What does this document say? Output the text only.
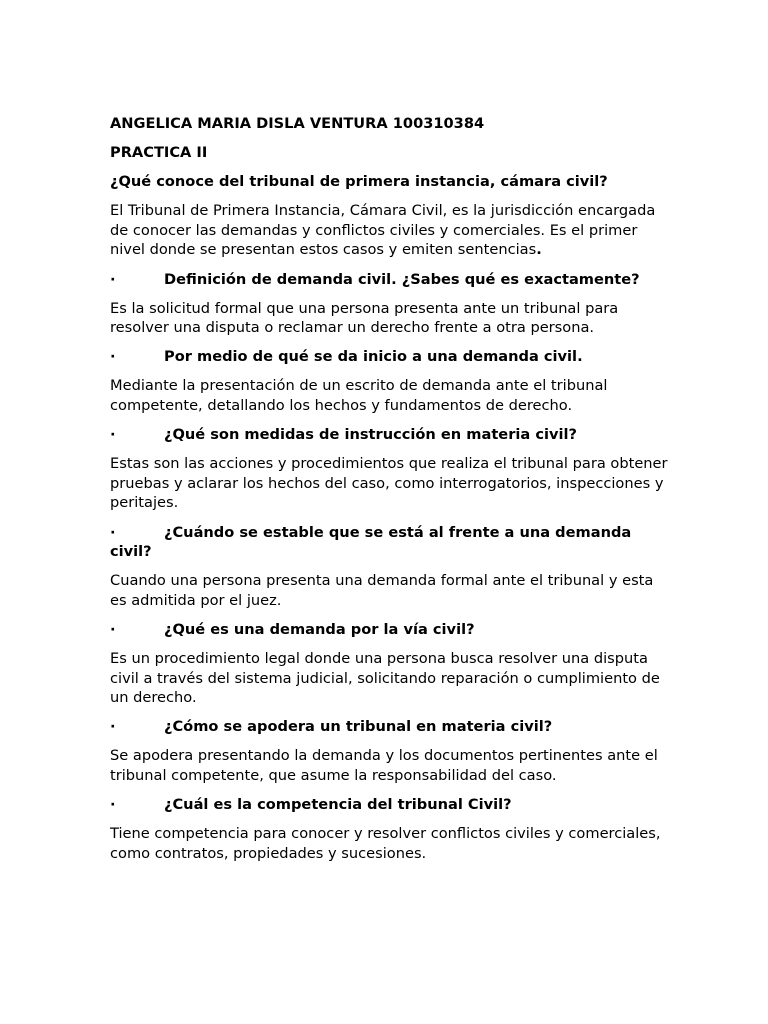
ANGELICA MARIA DISLA VENTURA 100310384

PRACTICA II

¿Qué conoce del tribunal de primera instancia, cámara civil?

El Tribunal de Primera Instancia, Cámara Civil, es la jurisdicción encargada de conocer las demandas y conflictos civiles y comerciales. Es el primer nivel donde se presentan estos casos y emiten sentencias.

·	Definición de demanda civil. ¿Sabes qué es exactamente?

Es la solicitud formal que una persona presenta ante un tribunal para resolver una disputa o reclamar un derecho frente a otra persona.

·	Por medio de qué se da inicio a una demanda civil.

Mediante la presentación de un escrito de demanda ante el tribunal competente, detallando los hechos y fundamentos de derecho.

·	¿Qué son medidas de instrucción en materia civil?

Estas son las acciones y procedimientos que realiza el tribunal para obtener pruebas y aclarar los hechos del caso, como interrogatorios, inspecciones y peritajes.

·	¿Cuándo se estable que se está al frente a una demanda civil?

Cuando una persona presenta una demanda formal ante el tribunal y esta es admitida por el juez.

·	¿Qué es una demanda por la vía civil?

Es un procedimiento legal donde una persona busca resolver una disputa civil a través del sistema judicial, solicitando reparación o cumplimiento de un derecho.

·	¿Cómo se apodera un tribunal en materia civil?

Se apodera presentando la demanda y los documentos pertinentes ante el tribunal competente, que asume la responsabilidad del caso.

·	¿Cuál es la competencia del tribunal Civil?

Tiene competencia para conocer y resolver conflictos civiles y comerciales, como contratos, propiedades y sucesiones.
